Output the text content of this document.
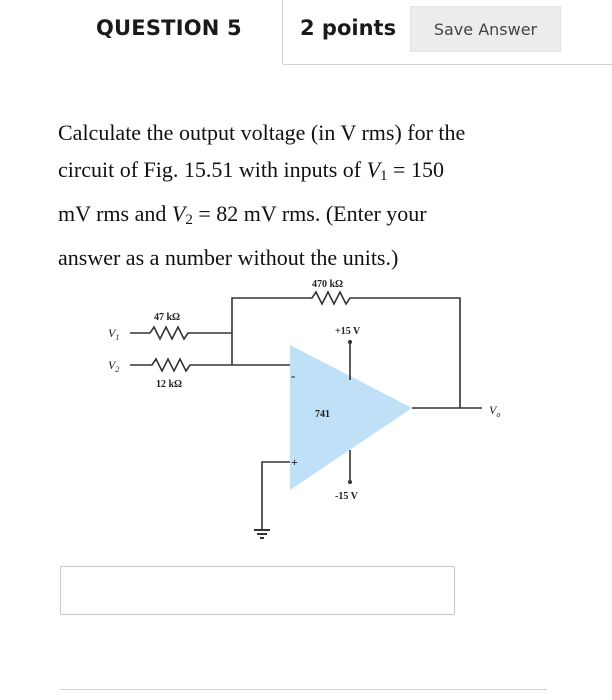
QUESTION 5	2 points	Save Answer
Calculate the output voltage (in V rms) for the
circuit of Fig. 15.51 with inputs of $V_1 = 150$
mV rms and $V_2 = 82$ mV rms. (Enter your
answer as a number without the units.)
470 kΩ
47 kΩ
12 kΩ
+15 V
-15 V
741
-
+
$V_1$
$V_2$
$V_o$
